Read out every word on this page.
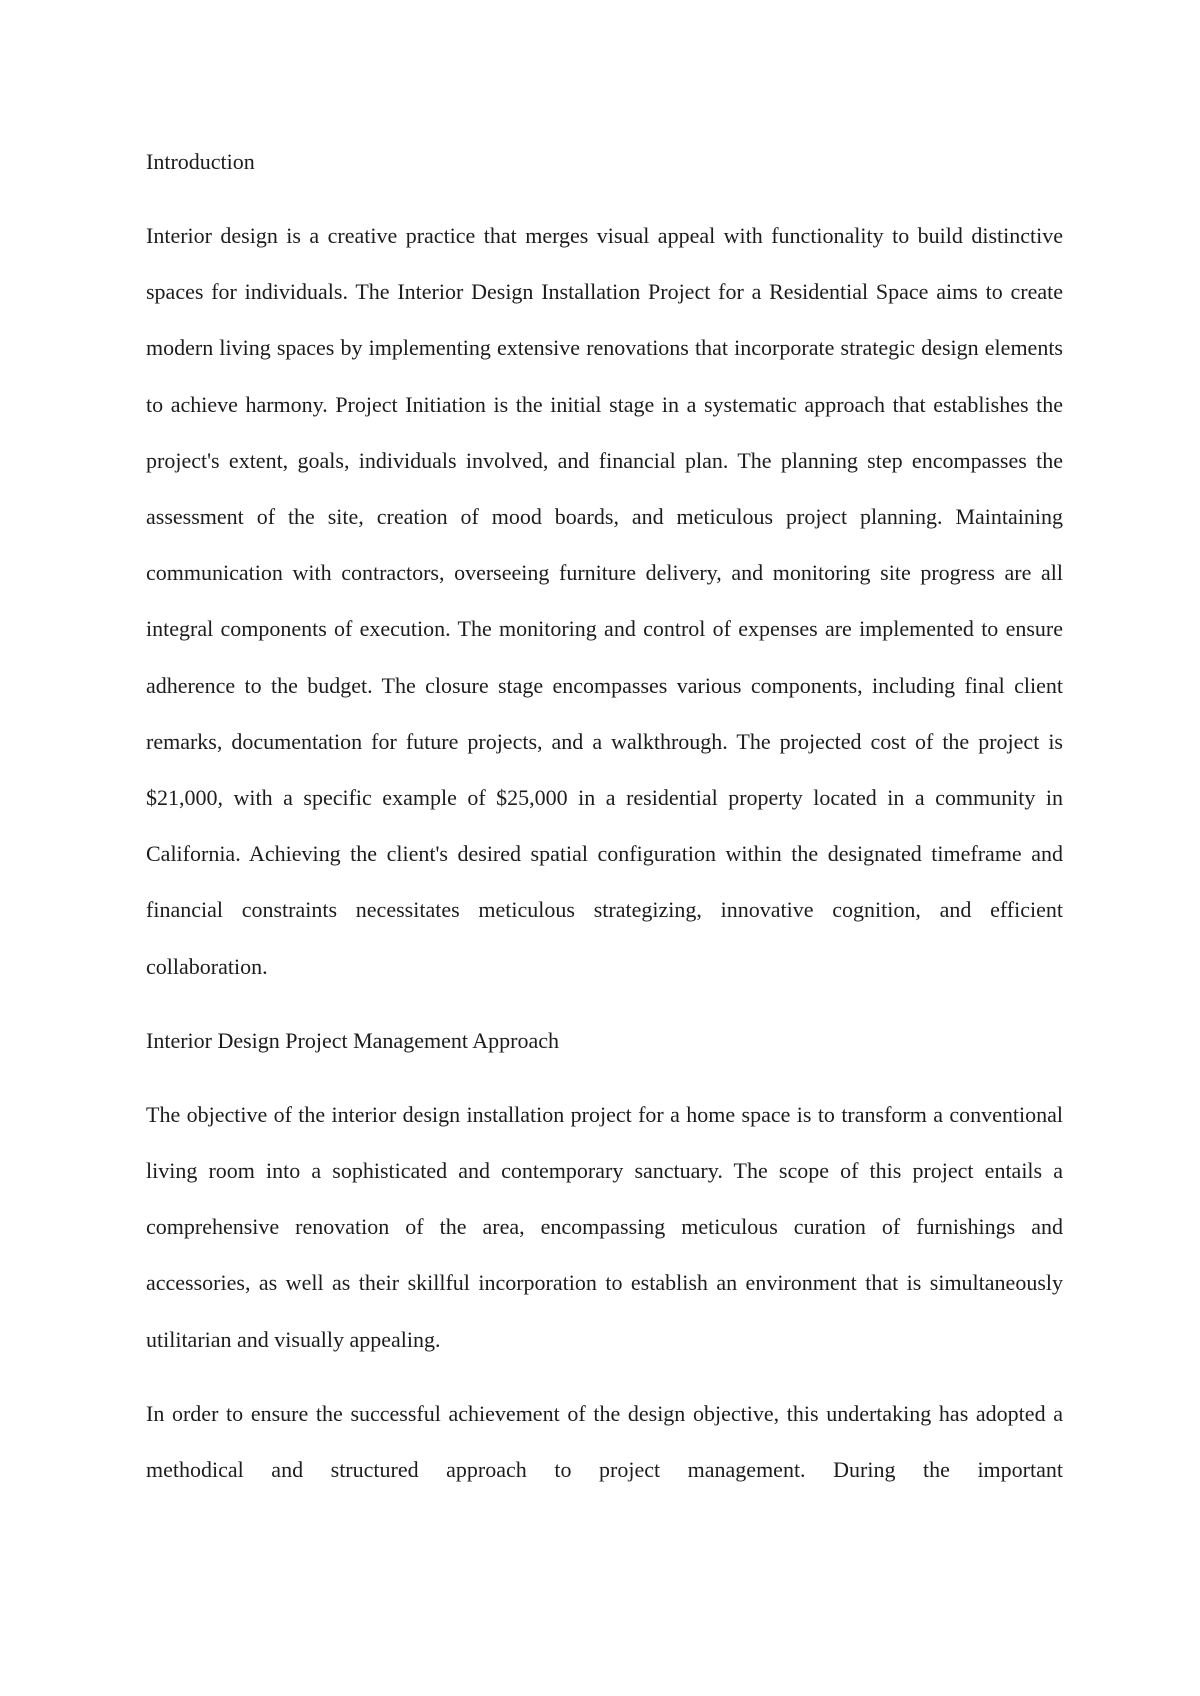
Introduction

Interior design is a creative practice that merges visual appeal with functionality to build distinctive spaces for individuals. The Interior Design Installation Project for a Residential Space aims to create modern living spaces by implementing extensive renovations that incorporate strategic design elements to achieve harmony. Project Initiation is the initial stage in a systematic approach that establishes the project's extent, goals, individuals involved, and financial plan. The planning step encompasses the assessment of the site, creation of mood boards, and meticulous project planning. Maintaining communication with contractors, overseeing furniture delivery, and monitoring site progress are all integral components of execution. The monitoring and control of expenses are implemented to ensure adherence to the budget. The closure stage encompasses various components, including final client remarks, documentation for future projects, and a walkthrough. The projected cost of the project is $21,000, with a specific example of $25,000 in a residential property located in a community in California. Achieving the client's desired spatial configuration within the designated timeframe and financial constraints necessitates meticulous strategizing, innovative cognition, and efficient collaboration.

Interior Design Project Management Approach

The objective of the interior design installation project for a home space is to transform a conventional living room into a sophisticated and contemporary sanctuary. The scope of this project entails a comprehensive renovation of the area, encompassing meticulous curation of furnishings and accessories, as well as their skillful incorporation to establish an environment that is simultaneously utilitarian and visually appealing.

In order to ensure the successful achievement of the design objective, this undertaking has adopted a methodical and structured approach to project management. During the important
